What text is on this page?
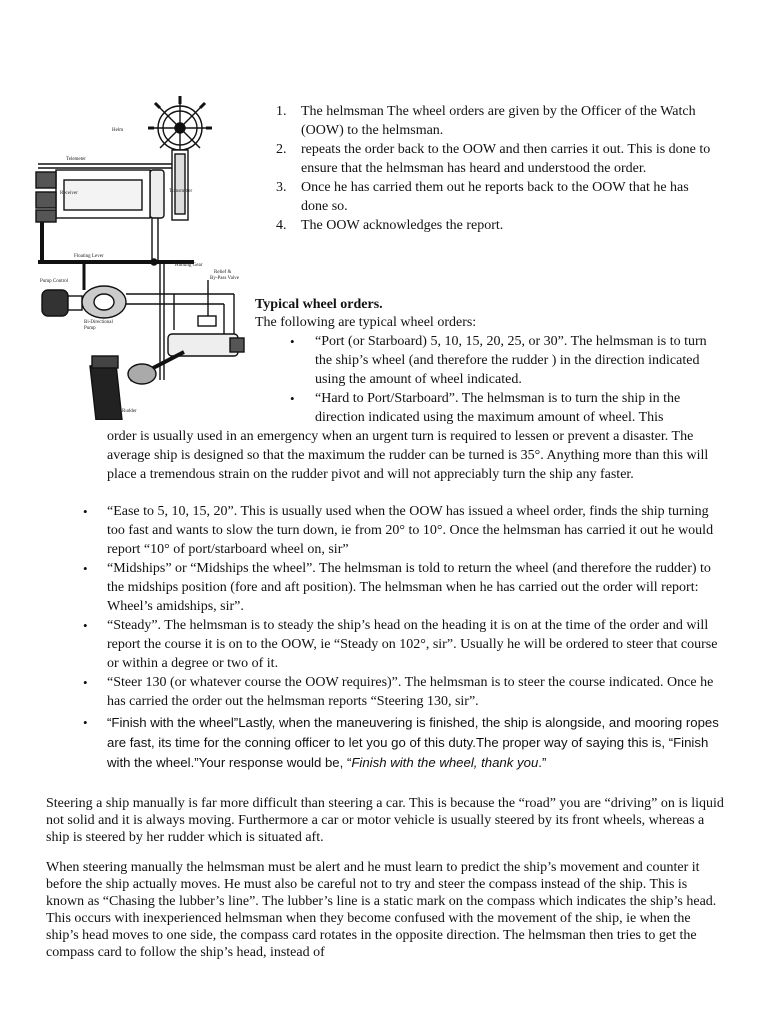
Helm
Telemeter
Receiver	Transmitter
Floating Lever
Hunting Gear
Pump Control
Relief &
By-Pass Valve
Bi-Directional
Pump
Rudder
1. The helmsman The wheel orders are given by the Officer of the Watch (OOW) to the helmsman.
2. repeats the order back to the OOW and then carries it out. This is done to ensure that the helmsman has heard and understood the order.
3. Once he has carried them out he reports back to the OOW that he has done so.
4. The OOW acknowledges the report.

Typical wheel orders.

The following are typical wheel orders:

• “Port (or Starboard) 5, 10, 15, 20, 25, or 30”. The helmsman is to turn the ship’s wheel (and therefore the rudder ) in the direction indicated using the amount of wheel indicated.
• “Hard to Port/Starboard”. The helmsman is to turn the ship in the direction indicated using the maximum amount of wheel. This

order is usually used in an emergency when an urgent turn is required to lessen or prevent a disaster. The average ship is designed so that the maximum the rudder can be turned is 35°. Anything more than this will place a tremendous strain on the rudder pivot and will not appreciably turn the ship any faster.

• “Ease to 5, 10, 15, 20”. This is usually used when the OOW has issued a wheel order, finds the ship turning too fast and wants to slow the turn down, ie from 20° to 10°. Once the helmsman has carried it out he would report “10° of port/starboard wheel on, sir”
• “Midships” or “Midships the wheel”. The helmsman is told to return the wheel (and therefore the rudder) to the midships position (fore and aft position). The helmsman when he has carried out the order will report: Wheel’s amidships, sir”.
• “Steady”. The helmsman is to steady the ship’s head on the heading it is on at the time of the order and will report the course it is on to the OOW, ie “Steady on 102°, sir”. Usually he will be ordered to steer that course or within a degree or two of it.
• “Steer 130 (or whatever course the OOW requires)”. The helmsman is to steer the course indicated. Once he has carried the order out the helmsman reports “Steering 130, sir”.
• “Finish with the wheel”Lastly, when the maneuvering is finished, the ship is alongside, and mooring ropes are fast, its time for the conning officer to let you go of this duty.The proper way of saying this is, “Finish with the wheel.”Your response would be, “Finish with the wheel, thank you.”

Steering a ship manually is far more difficult than steering a car. This is because the “road” you are “driving” on is liquid not solid and it is always moving. Furthermore a car or motor vehicle is usually steered by its front wheels, whereas a ship is steered by her rudder which is situated aft.

When steering manually the helmsman must be alert and he must learn to predict the ship’s movement and counter it before the ship actually moves. He must also be careful not to try and steer the compass instead of the ship. This is known as “Chasing the lubber’s line”. The lubber’s line is a static mark on the compass which indicates the ship’s head. This occurs with inexperienced helmsman when they become confused with the movement of the ship, ie when the ship’s head moves to one side, the compass card rotates in the opposite direction. The helmsman then tries to get the compass card to follow the ship’s head, instead of
